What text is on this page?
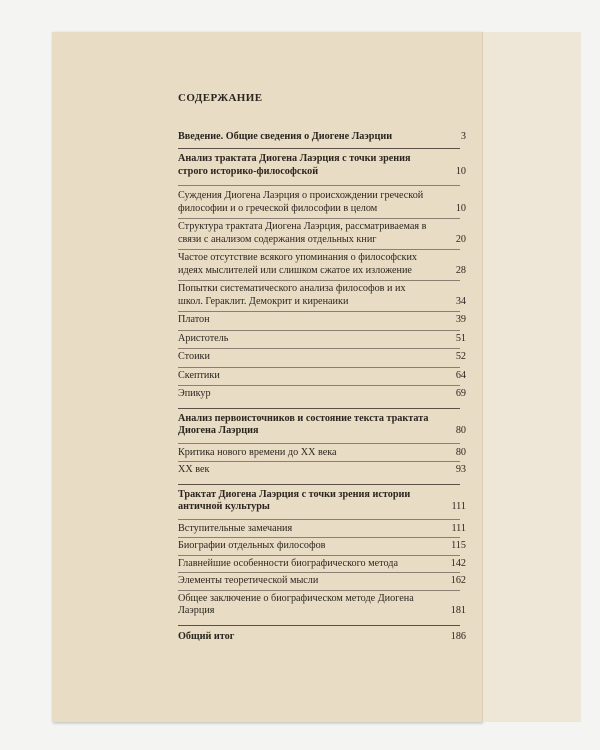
СОДЕРЖАНИЕ
Введение. Общие сведения о Диогене Лаэрции	3
Анализ трактата Диогена Лаэрция с точки зрения строго историко-философской	10
Суждения Диогена Лаэрция о происхождении греческой философии и о греческой философии в целом	10
Структура трактата Диогена Лаэрция, рассматриваемая в связи с анализом содержания отдельных книг	20
Частое отсутствие всякого упоминания о философских идеях мыслителей или слишком сжатое их изложение	28
Попытки систематического анализа философов и их школ. Гераклит. Демокрит и киренаики	34
Платон	39
Аристотель	51
Стоики	52
Скептики	64
Эпикур	69
Анализ первоисточников и состояние текста трактата Диогена Лаэрция	80
Критика нового времени до XX века	80
XX век	93
Трактат Диогена Лаэрция с точки зрения истории античной культуры	111
Вступительные замечания	111
Биографии отдельных философов	115
Главнейшие особенности биографического метода	142
Элементы теоретической мысли	162
Общее заключение о биографическом методе Диогена Лаэрция	181
Общий итог	186
